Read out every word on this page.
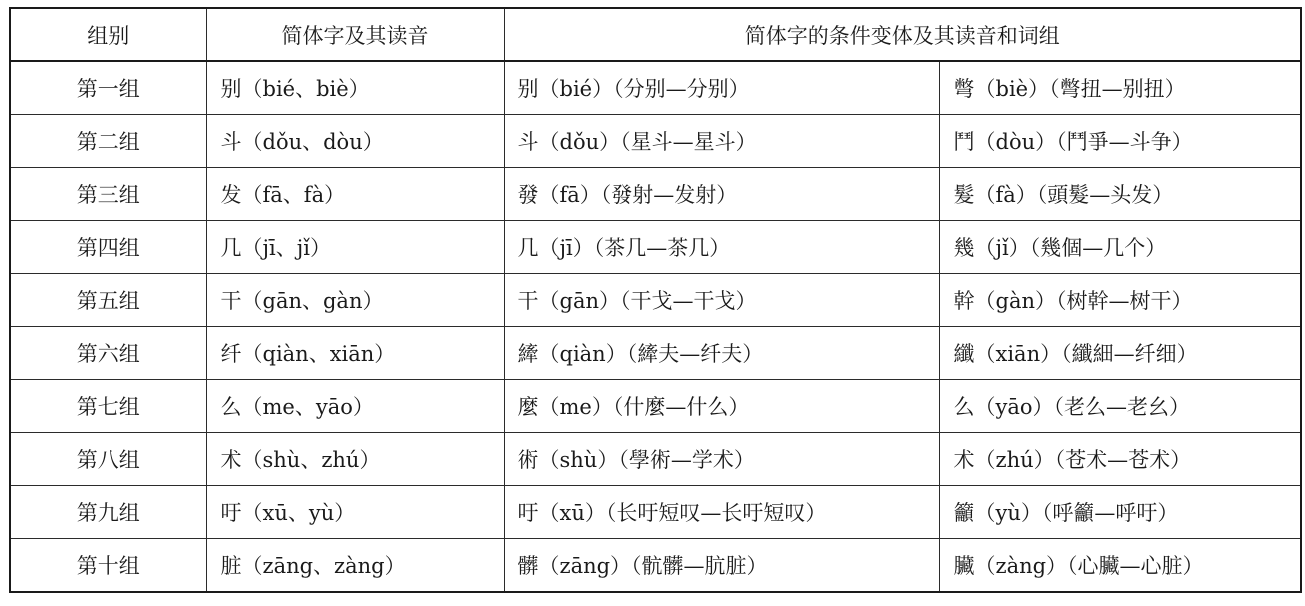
组别	简体字及其读音	简体字的条件变体及其读音和词组	
第一组	别（bié、biè）	别（bié）（分别—分别）	彆（biè）（彆扭—别扭）
第二组	斗（dǒu、dòu）	斗（dǒu）（星斗—星斗）	鬥（dòu）（鬥爭—斗争）
第三组	发（fā、fà）	發（fā）（發射—发射）	髮（fà）（頭髮—头发）
第四组	几（jī、jǐ）	几（jī）（茶几—茶几）	幾（jǐ）（幾個—几个）
第五组	干（gān、gàn）	干（gān）（干戈—干戈）	幹（gàn）（树幹—树干）
第六组	纤（qiàn、xiān）	縴（qiàn）（縴夫—纤夫）	纖（xiān）（纖細—纤细）
第七组	么（me、yāo）	麼（me）（什麼—什么）	么（yāo）（老么—老幺）
第八组	术（shù、zhú）	術（shù）（學術—学术）	术（zhú）（苍术—苍术）
第九组	吁（xū、yù）	吁（xū）（长吁短叹—长吁短叹）	籲（yù）（呼籲—呼吁）
第十组	脏（zāng、zàng）	髒（zāng）（骯髒—肮脏）	臟（zàng）（心臟—心脏）
